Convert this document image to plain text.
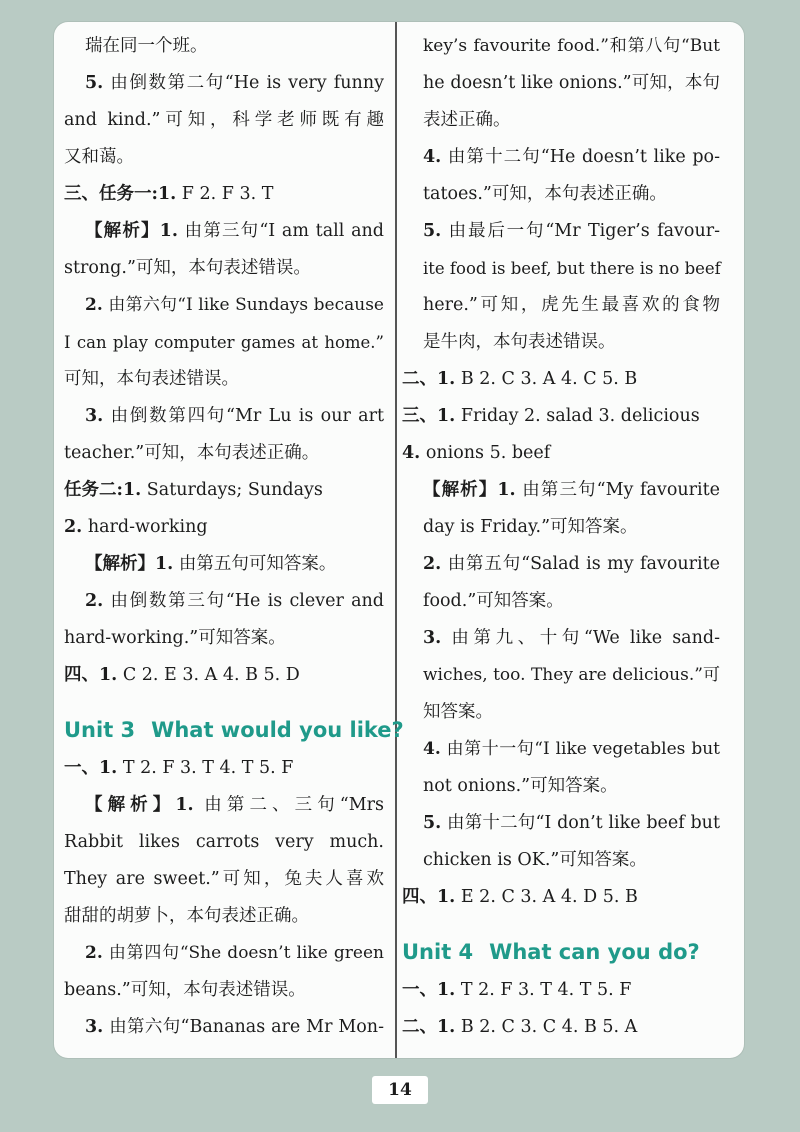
瑞在同一个班。
5. 由倒数第二句“He is very funny
and kind.”可知，科学老师既有趣
又和蔼。
三、任务一:1. F 2. F 3. T
【解析】1. 由第三句“I am tall and
strong.”可知，本句表述错误。
2. 由第六句“I like Sundays because
I can play computer games at home.”
可知，本句表述错误。
3. 由倒数第四句“Mr Lu is our art
teacher.”可知，本句表述正确。
任务二:1. Saturdays; Sundays
2. hard-working
【解析】1. 由第五句可知答案。
2. 由倒数第三句“He is clever and
hard-working.”可知答案。
四、1. C 2. E 3. A 4. B 5. D
Unit 3 What would you like?
一、1. T 2. F 3. T 4. T 5. F
【解析】1. 由第二、三句“Mrs
Rabbit likes carrots very much.
They are sweet.”可知，兔夫人喜欢
甜甜的胡萝卜，本句表述正确。
2. 由第四句“She doesn’t like green
beans.”可知，本句表述错误。
3. 由第六句“Bananas are Mr Mon-
key’s favourite food.”和第八句“But
he doesn’t like onions.”可知，本句
表述正确。
4. 由第十二句“He doesn’t like po-
tatoes.”可知，本句表述正确。
5. 由最后一句“Mr Tiger’s favour-
ite food is beef, but there is no beef
here.”可知，虎先生最喜欢的食物
是牛肉，本句表述错误。
二、1. B 2. C 3. A 4. C 5. B
三、1. Friday 2. salad 3. delicious
4. onions 5. beef
【解析】1. 由第三句“My favourite
day is Friday.”可知答案。
2. 由第五句“Salad is my favourite
food.”可知答案。
3. 由第九、十句“We like sand-
wiches, too. They are delicious.”可
知答案。
4. 由第十一句“I like vegetables but
not onions.”可知答案。
5. 由第十二句“I don’t like beef but
chicken is OK.”可知答案。
四、1. E 2. C 3. A 4. D 5. B
Unit 4 What can you do?
一、1. T 2. F 3. T 4. T 5. F
二、1. B 2. C 3. C 4. B 5. A
14
